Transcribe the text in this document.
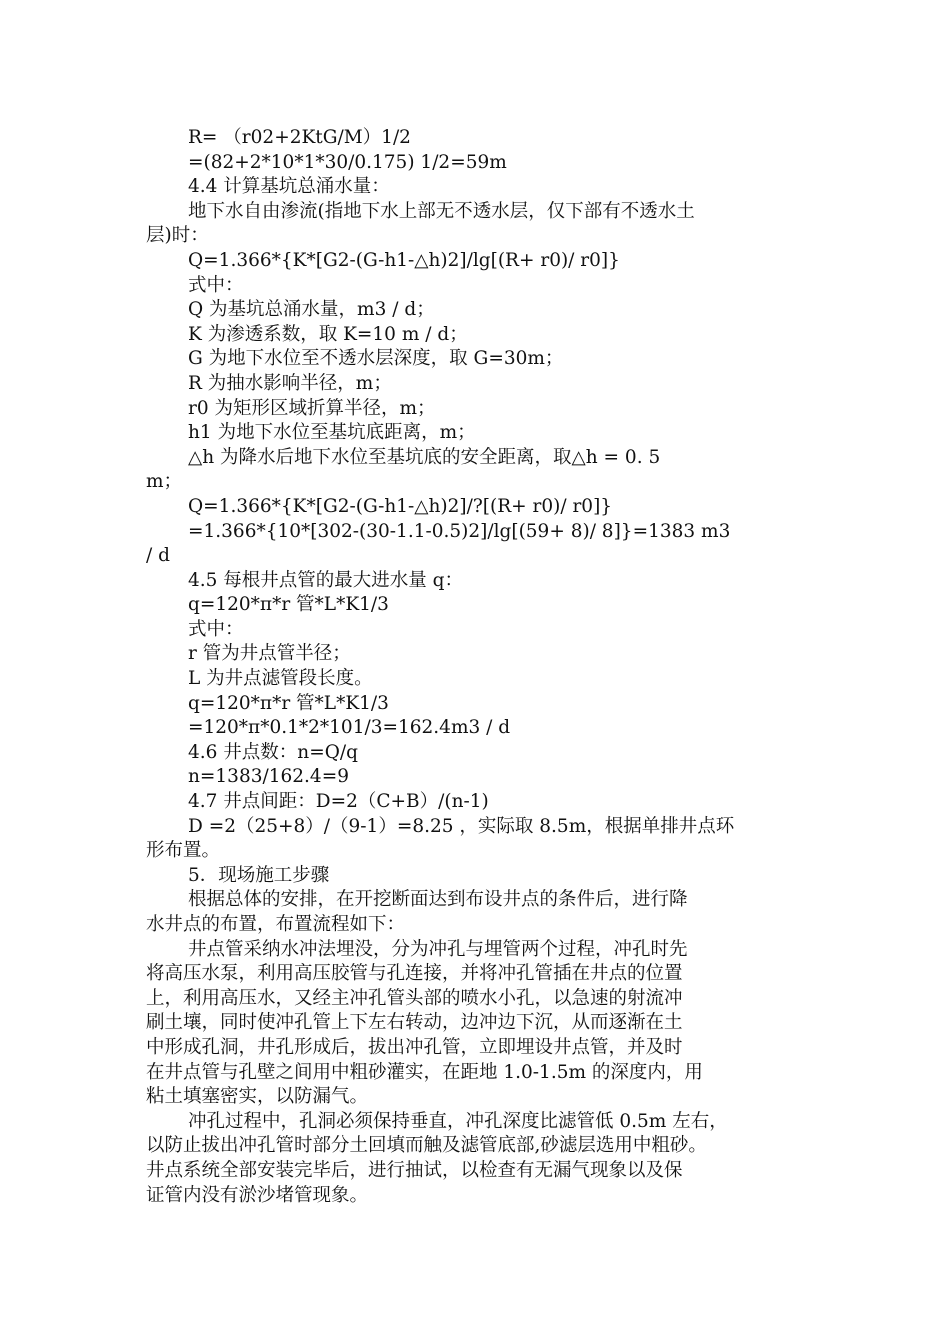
R= （r02+2KtG/M）1/2
=(82+2*10*1*30/0.175) 1/2=59m
4.4 计算基坑总涌水量：
地下水自由渗流(指地下水上部无不透水层，仅下部有不透水土
层)时：
Q=1.366*{K*[G2-(G-h1-△h)2]/lg[(R+ r0)/ r0]}
式中：
Q 为基坑总涌水量，m3 / d；
K 为渗透系数，取 K=10 m / d；
G 为地下水位至不透水层深度，取 G=30m；
R 为抽水影响半径，m；
r0 为矩形区域折算半径，m；
h1 为地下水位至基坑底距离，m；
△h 为降水后地下水位至基坑底的安全距离，取△h = 0. 5
m；
Q=1.366*{K*[G2-(G-h1-△h)2]/?[(R+ r0)/ r0]}
=1.366*{10*[302-(30-1.1-0.5)2]/lg[(59+ 8)/ 8]}=1383 m3
/ d
4.5 每根井点管的最大进水量 q：
q=120*π*r 管*L*K1/3
式中：
r 管为井点管半径；
L 为井点滤管段长度。
q=120*π*r 管*L*K1/3
=120*π*0.1*2*101/3=162.4m3 / d
4.6 井点数：n=Q/q
n=1383/162.4=9
4.7 井点间距：D=2（C+B）/(n-1)
D =2（25+8）/（9-1）=8.25 ，实际取 8.5m，根据单排井点环
形布置。
5．现场施工步骤
根据总体的安排，在开挖断面达到布设井点的条件后，进行降
水井点的布置，布置流程如下：
井点管采纳水冲法埋没，分为冲孔与埋管两个过程，冲孔时先
将高压水泵，利用高压胶管与孔连接，并将冲孔管插在井点的位置
上，利用高压水，又经主冲孔管头部的喷水小孔，以急速的射流冲
刷土壤，同时使冲孔管上下左右转动，边冲边下沉，从而逐渐在土
中形成孔洞，井孔形成后，拔出冲孔管，立即埋设井点管，并及时
在井点管与孔壁之间用中粗砂灌实，在距地 1.0-1.5m 的深度内，用
粘土填塞密实，以防漏气。
冲孔过程中，孔洞必须保持垂直，冲孔深度比滤管低 0.5m 左右，
以防止拔出冲孔管时部分土回填而触及滤管底部,砂滤层选用中粗砂。
井点系统全部安装完毕后，进行抽试，以检查有无漏气现象以及保
证管内没有淤沙堵管现象。
